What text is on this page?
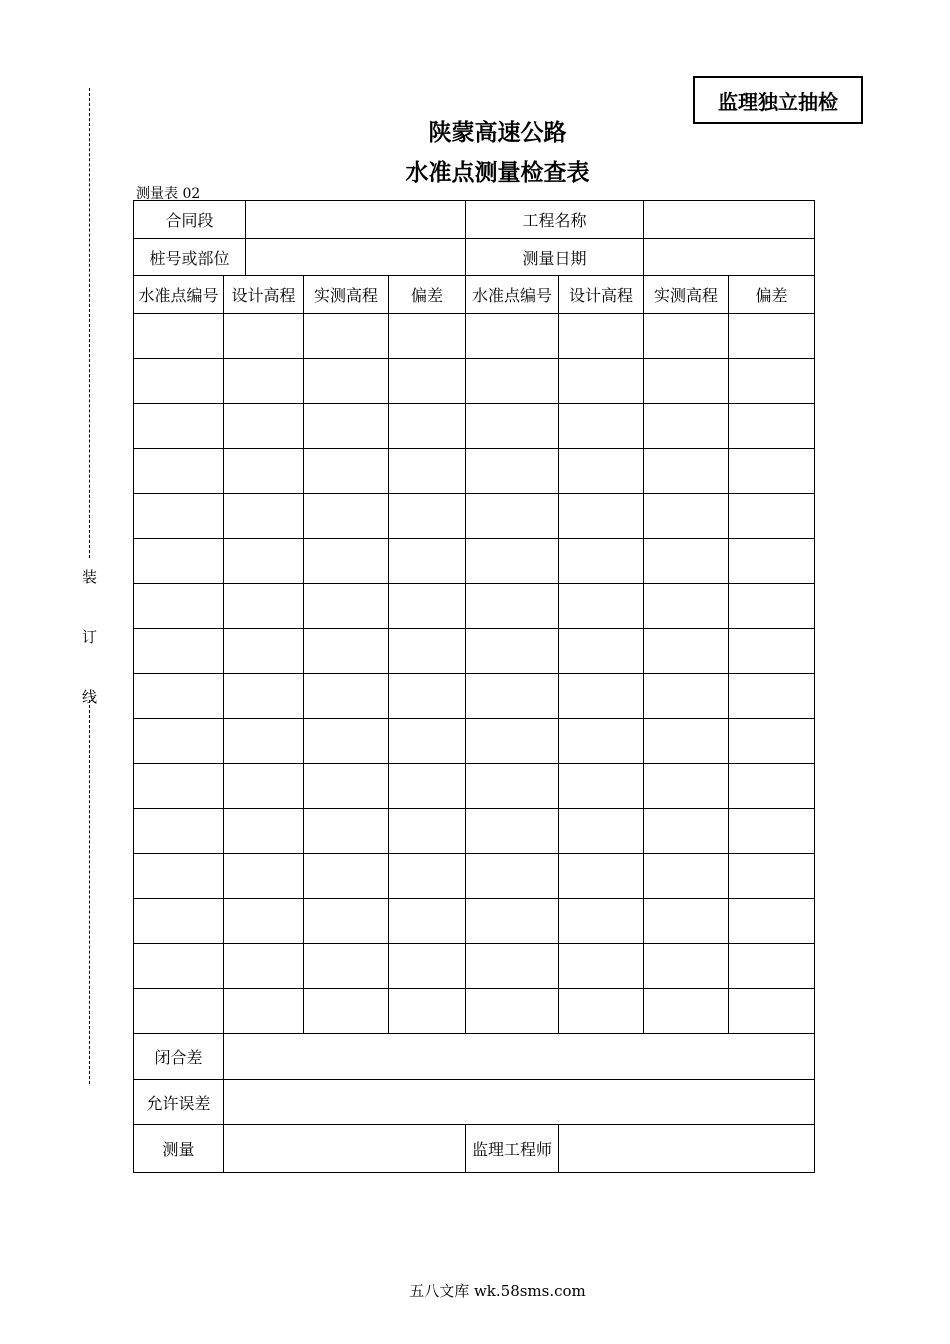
装
订
线
监理独立抽检
陕蒙高速公路
水准点测量检查表
测量表 02
合同段					工程名称			
桩号或部位					测量日期			
水准点编号	设计高程		实测高程	偏差	水准点编号	设计高程	实测高程	偏差

闭合差								
允许误差								
测量					监理工程师			
五八文库 wk.58sms.com
